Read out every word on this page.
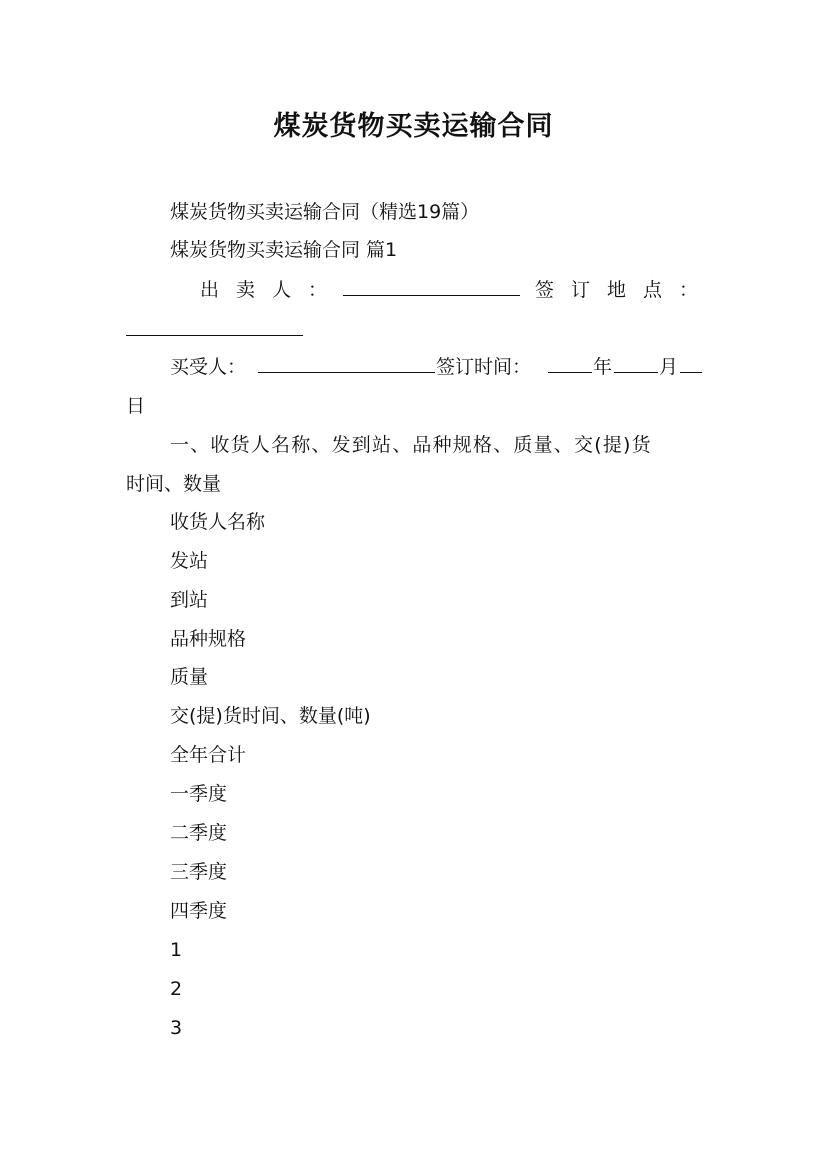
煤炭货物买卖运输合同
煤炭货物买卖运输合同（精选19篇）
煤炭货物买卖运输合同 篇1
出卖人：	签订地点：
买受人：	签订时间：	年 月
日
一、收货人名称、发到站、品种规格、质量、交(提)货
时间、数量
收货人名称
发站
到站
品种规格
质量
交(提)货时间、数量(吨)
全年合计
一季度
二季度
三季度
四季度
1
2
3
